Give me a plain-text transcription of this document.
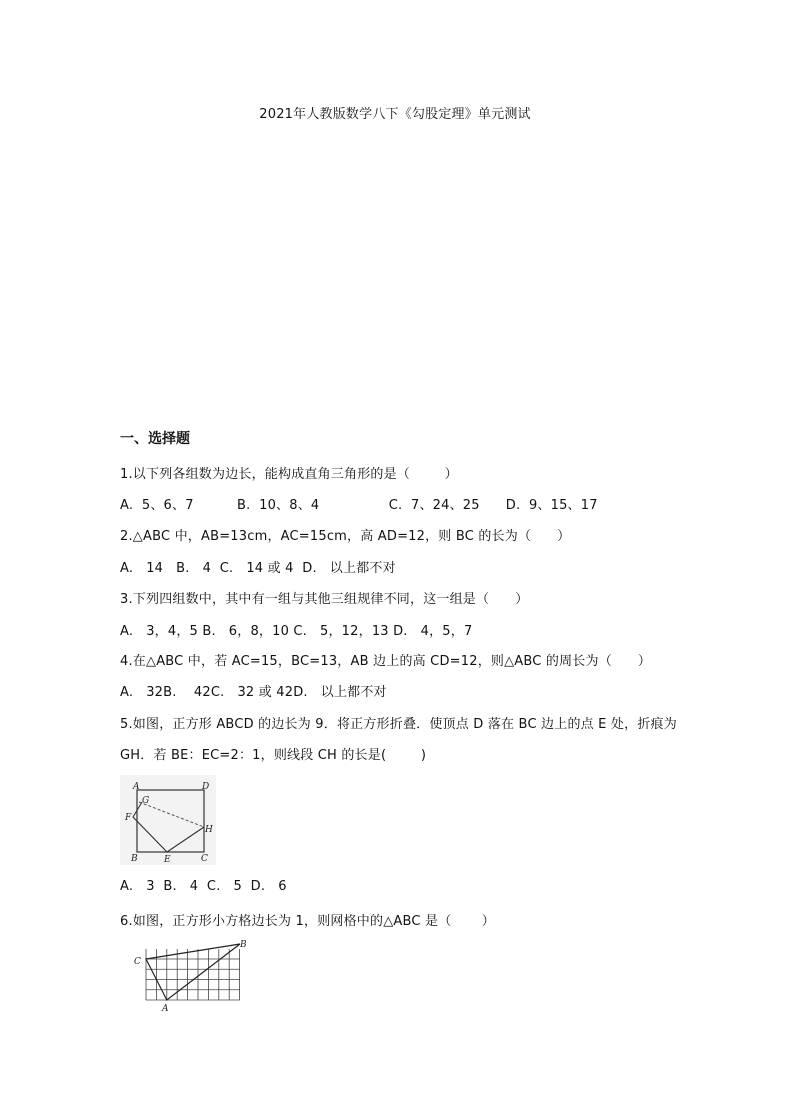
2021年人教版数学八下《勾股定理》单元测试
一、选择题
1.以下列各组数为边长，能构成直角三角形的是（        ）
A.  5、6、7          B.  10、8、4                C.  7、24、25      D.  9、15、17
2.△ABC 中，AB=13cm，AC=15cm，高 AD=12，则 BC 的长为（      ）
A.   14   B.   4  C.   14 或 4  D.   以上都不对
3.下列四组数中，其中有一组与其他三组规律不同，这一组是（      ）
A.   3，4，5 B.   6，8，10 C.   5，12，13 D.   4，5，7
4.在△ABC 中，若 AC=15，BC=13，AB 边上的高 CD=12，则△ABC 的周长为（      ）
A.   32B.    42C.   32 或 42D.   以上都不对
5.如图，正方形 ABCD 的边长为 9．将正方形折叠．使顶点 D 落在 BC 边上的点 E 处，折痕为
GH．若 BE：EC=2：1，则线段 CH 的长是(        )
A	D
G
F
H
B	E	C
A.   3  B.   4  C.   5  D.   6
6.如图，正方形小方格边长为 1，则网格中的△ABC 是（       ）
C
B
A
